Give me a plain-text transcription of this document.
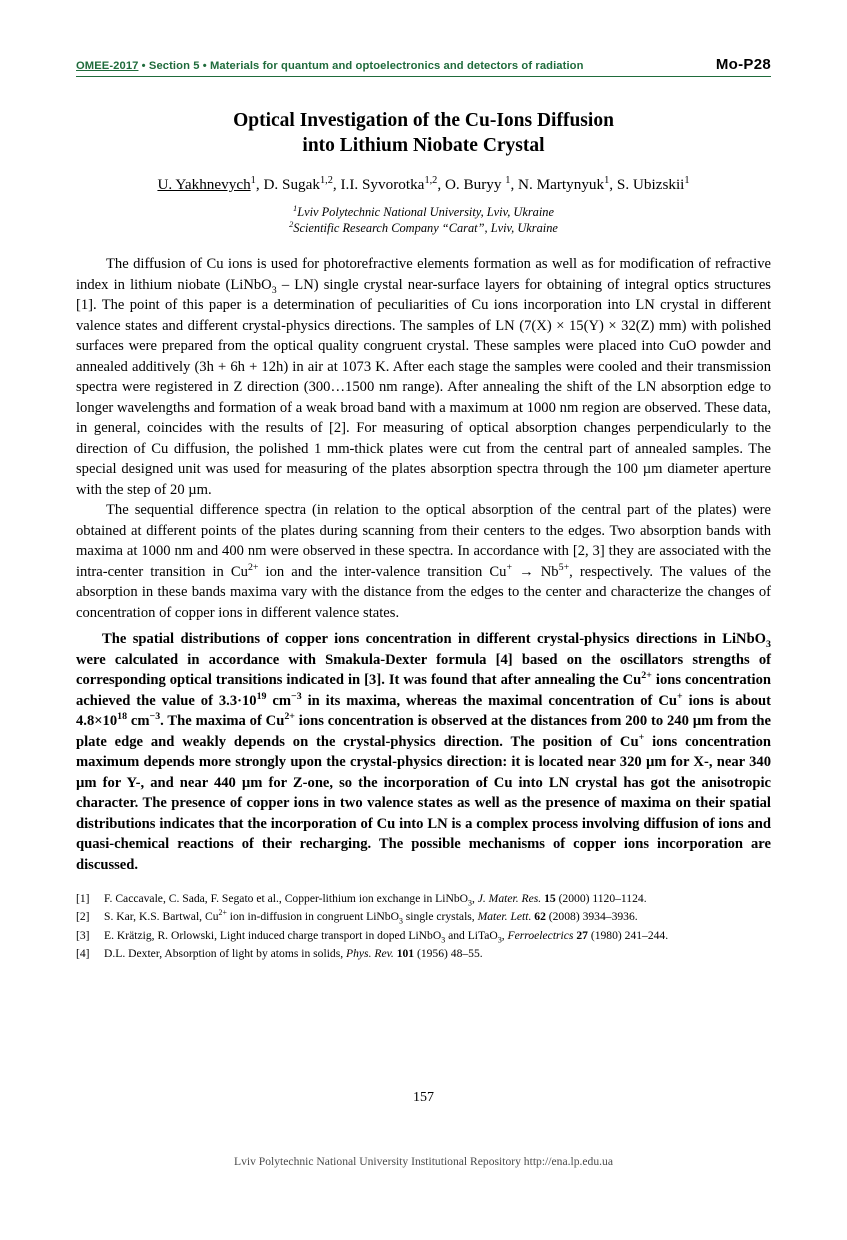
OMEE-2017 • Section 5 • Materials for quantum and optoelectronics and detectors of radiation	Mo-P28
Optical Investigation of the Cu-Ions Diffusion
into Lithium Niobate Crystal
U. Yakhnevych$^1$, D. Sugak$^{1,2}$, I.I. Syvorotka$^{1,2}$, O. Buryy $^1$, N. Martynyuk$^1$, S. Ubizskii$^1$
$^1$Lviv Polytechnic National University, Lviv, Ukraine
$^2$Scientific Research Company “Carat”, Lviv, Ukraine

The diffusion of Cu ions is used for photorefractive elements formation as well as for modification of refractive index in lithium niobate (LiNbO$_3$ – LN) single crystal near-surface layers for obtaining of integral optics structures [1]. The point of this paper is a determination of peculiarities of Cu ions incorporation into LN crystal in different valence states and different crystal-physics directions. The samples of LN (7(X) × 15(Y) × 32(Z) mm) with polished surfaces were prepared from the optical quality congruent crystal. These samples were placed into CuO powder and annealed additively (3h + 6h + 12h) in air at 1073 K. After each stage the samples were cooled and their transmission spectra were registered in Z direction (300…1500 nm range). After annealing the shift of the LN absorption edge to longer wavelengths and formation of a weak broad band with a maximum at 1000 nm region are observed. These data, in general, coincides with the results of [2]. For measuring of optical absorption changes perpendicularly to the direction of Cu diffusion, the polished 1 mm-thick plates were cut from the central part of annealed samples. The special designed unit was used for measuring of the plates absorption spectra through the 100 µm diameter aperture with the step of 20 µm.

The sequential difference spectra (in relation to the optical absorption of the central part of the plates) were obtained at different points of the plates during scanning from their centers to the edges. Two absorption bands with maxima at 1000 nm and 400 nm were observed in these spectra. In accordance with [2, 3] they are associated with the intra-center transition in $Cu^{2+}$ ion and the inter-valence transition $Cu^+ \to Nb^{5+}$, respectively. The values of the absorption in these bands maxima vary with the distance from the edges to the center and characterize the changes of concentration of copper ions in different valence states.

The spatial distributions of copper ions concentration in different crystal-physics directions in LiNbO$_3$ were calculated in accordance with Smakula-Dexter formula [4] based on the oscillators strengths of corresponding optical transitions indicated in [3]. It was found that after annealing the $Cu^{2+}$ ions concentration achieved the value of $3.3\cdot 10^{19}$ $cm^{-3}$ in its maxima, whereas the maximal concentration of Cu+ ions is about $4.8\times 10^{18}$ $cm^{-3}$. The maxima of $Cu^{2+}$ ions concentration is observed at the distances from 200 to 240 µm from the plate edge and weakly depends on the crystal-physics direction. The position of Cu+ ions concentration maximum depends more strongly upon the crystal-physics direction: it is located near 320 µm for X-, near 340 µm for Y-, and near 440 µm for Z-one, so the incorporation of Cu into LN crystal has got the anisotropic character. The presence of copper ions in two valence states as well as the presence of maxima on their spatial distributions indicates that the incorporation of Cu into LN is a complex process involving diffusion of ions and quasi-chemical reactions of their recharging. The possible mechanisms of copper ions incorporation are discussed.

[1]	F. Caccavale, C. Sada, F. Segato et al., Copper-lithium ion exchange in LiNbO$_3$, J. Mater. Res. 15 (2000) 1120–1124.
[2]	S. Kar, K.S. Bartwal, $Cu^{2+}$ ion in-diffusion in congruent LiNbO$_3$ single crystals, Mater. Lett. 62 (2008) 3934–3936.
[3]	E. Krätzig, R. Orlowski, Light induced charge transport in doped LiNbO$_3$ and LiTaO$_3$, Ferroelectrics 27 (1980) 241–244.
[4]	D.L. Dexter, Absorption of light by atoms in solids, Phys. Rev. 101 (1956) 48–55.
157
Lviv Polytechnic National University Institutional Repository http://ena.lp.edu.ua
